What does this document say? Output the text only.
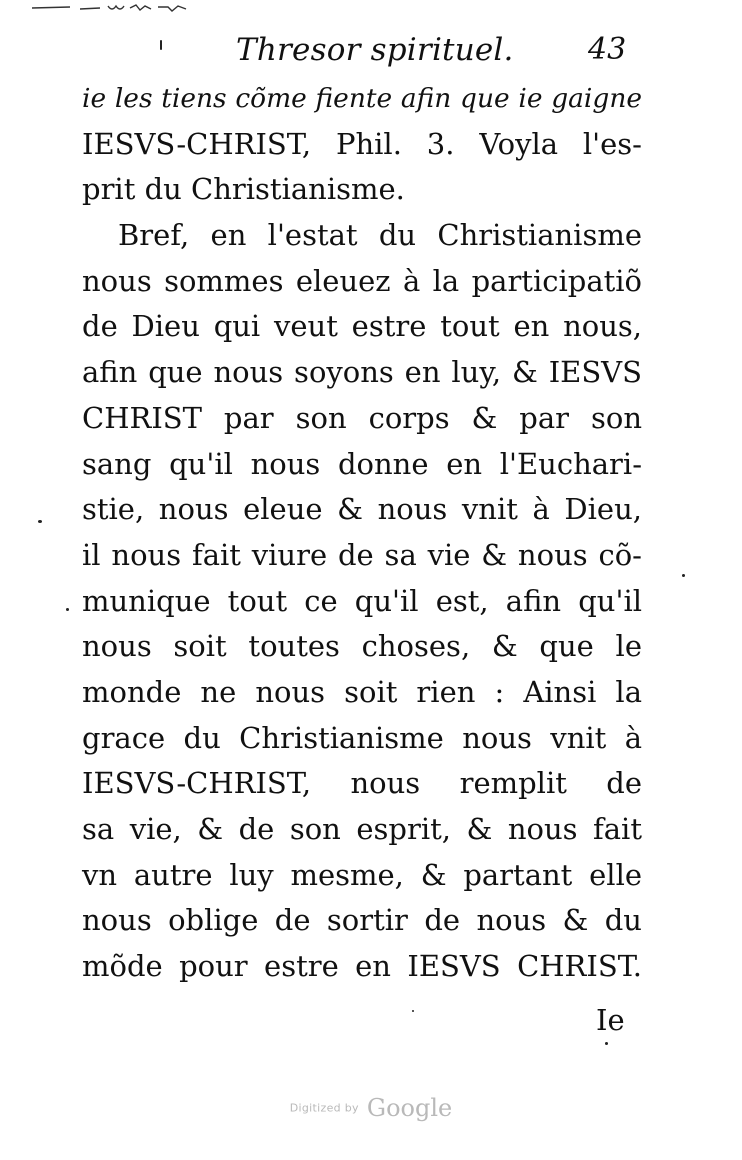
Thresor spirituel. 43
ie les tiens cõme fiente afin que ie gaigne
IESVS-CHRIST, Phil. 3. Voyla l'es-
prit du Christianisme.
Bref, en l'estat du Christianisme
nous sommes eleuez à la participatiõ
de Dieu qui veut estre tout en nous,
afin que nous soyons en luy, & IESVS
CHRIST par son corps & par son
sang qu'il nous donne en l'Euchari-
stie, nous eleue & nous vnit à Dieu,
il nous fait viure de sa vie & nous cõ-
munique tout ce qu'il est, afin qu'il
nous soit toutes choses, & que le
monde ne nous soit rien : Ainsi la
grace du Christianisme nous vnit à
IESVS-CHRIST, nous remplit de
sa vie, & de son esprit, & nous fait
vn autre luy mesme, & partant elle
nous oblige de sortir de nous & du
mõde pour estre en IESVS CHRIST.
Ie
Digitized by Google
